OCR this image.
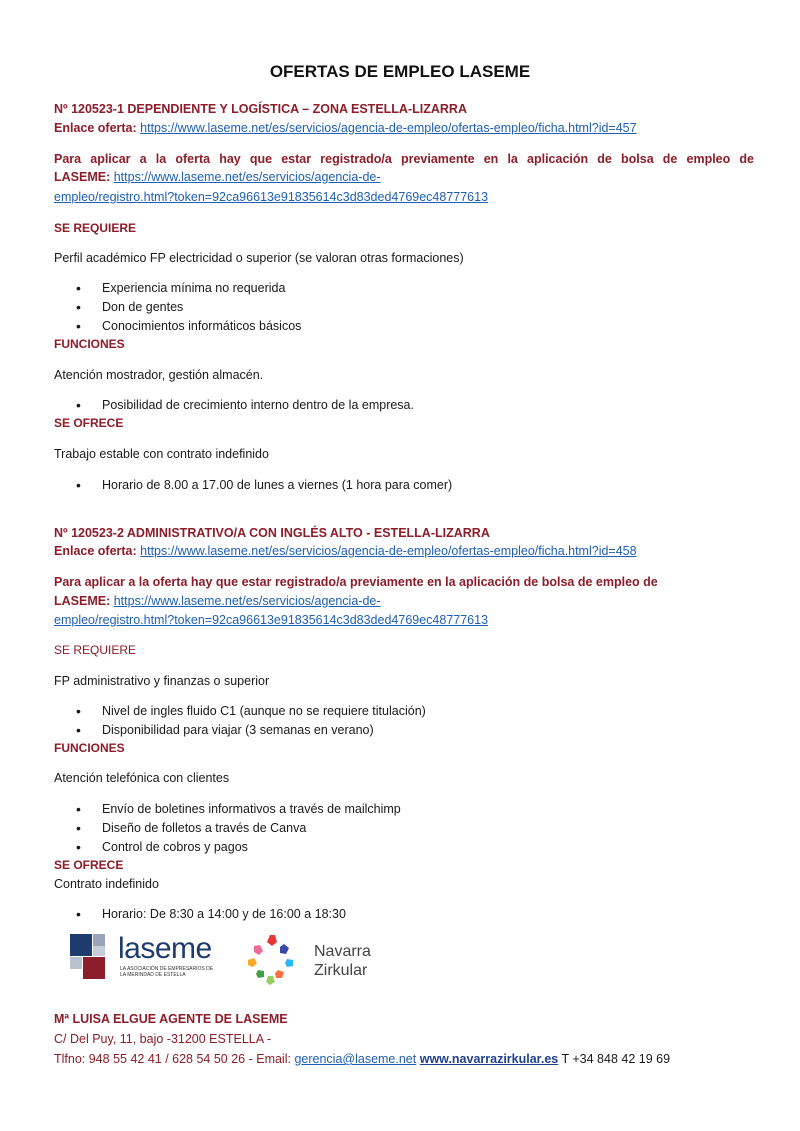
OFERTAS DE EMPLEO LASEME
Nº 120523-1 DEPENDIENTE Y LOGÍSTICA – ZONA ESTELLA-LIZARRA
Enlace oferta: https://www.laseme.net/es/servicios/agencia-de-empleo/ofertas-empleo/ficha.html?id=457
Para aplicar a la oferta hay que estar registrado/a previamente en la aplicación de bolsa de empleo de
LASEME: https://www.laseme.net/es/servicios/agencia-de-
empleo/registro.html?token=92ca96613e91835614c3d83ded4769ec48777613
SE REQUIERE
Perfil académico FP electricidad o superior (se valoran otras formaciones)
• Experiencia mínima no requerida
• Don de gentes
• Conocimientos informáticos básicos
FUNCIONES
Atención mostrador, gestión almacén.
• Posibilidad de crecimiento interno dentro de la empresa.
SE OFRECE
Trabajo estable con contrato indefinido
• Horario de 8.00 a 17.00 de lunes a viernes (1 hora para comer)
Nº 120523-2 ADMINISTRATIVO/A CON INGLÉS ALTO - ESTELLA-LIZARRA
Enlace oferta: https://www.laseme.net/es/servicios/agencia-de-empleo/ofertas-empleo/ficha.html?id=458
Para aplicar a la oferta hay que estar registrado/a previamente en la aplicación de bolsa de empleo de
LASEME: https://www.laseme.net/es/servicios/agencia-de-
empleo/registro.html?token=92ca96613e91835614c3d83ded4769ec48777613
SE REQUIERE
FP administrativo y finanzas o superior
• Nivel de ingles fluido C1 (aunque no se requiere titulación)
• Disponibilidad para viajar (3 semanas en verano)
FUNCIONES
Atención telefónica con clientes
• Envío de boletines informativos a través de mailchimp
• Diseño de folletos a través de Canva
• Control de cobros y pagos
SE OFRECE
Contrato indefinido
• Horario: De 8:30 a 14:00 y de 16:00 a 18:30
laseme
LA ASOCIACIÓN DE EMPRESARIOS DE
LA MERINDAD DE ESTELLA
Navarra
Zirkular
Mª LUISA ELGUE AGENTE DE LASEME
C/ Del Puy, 11, bajo -31200 ESTELLA -
Tlfno: 948 55 42 41 / 628 54 50 26 - Email: gerencia@laseme.net www.navarrazirkular.es T +34 848 42 19 69
